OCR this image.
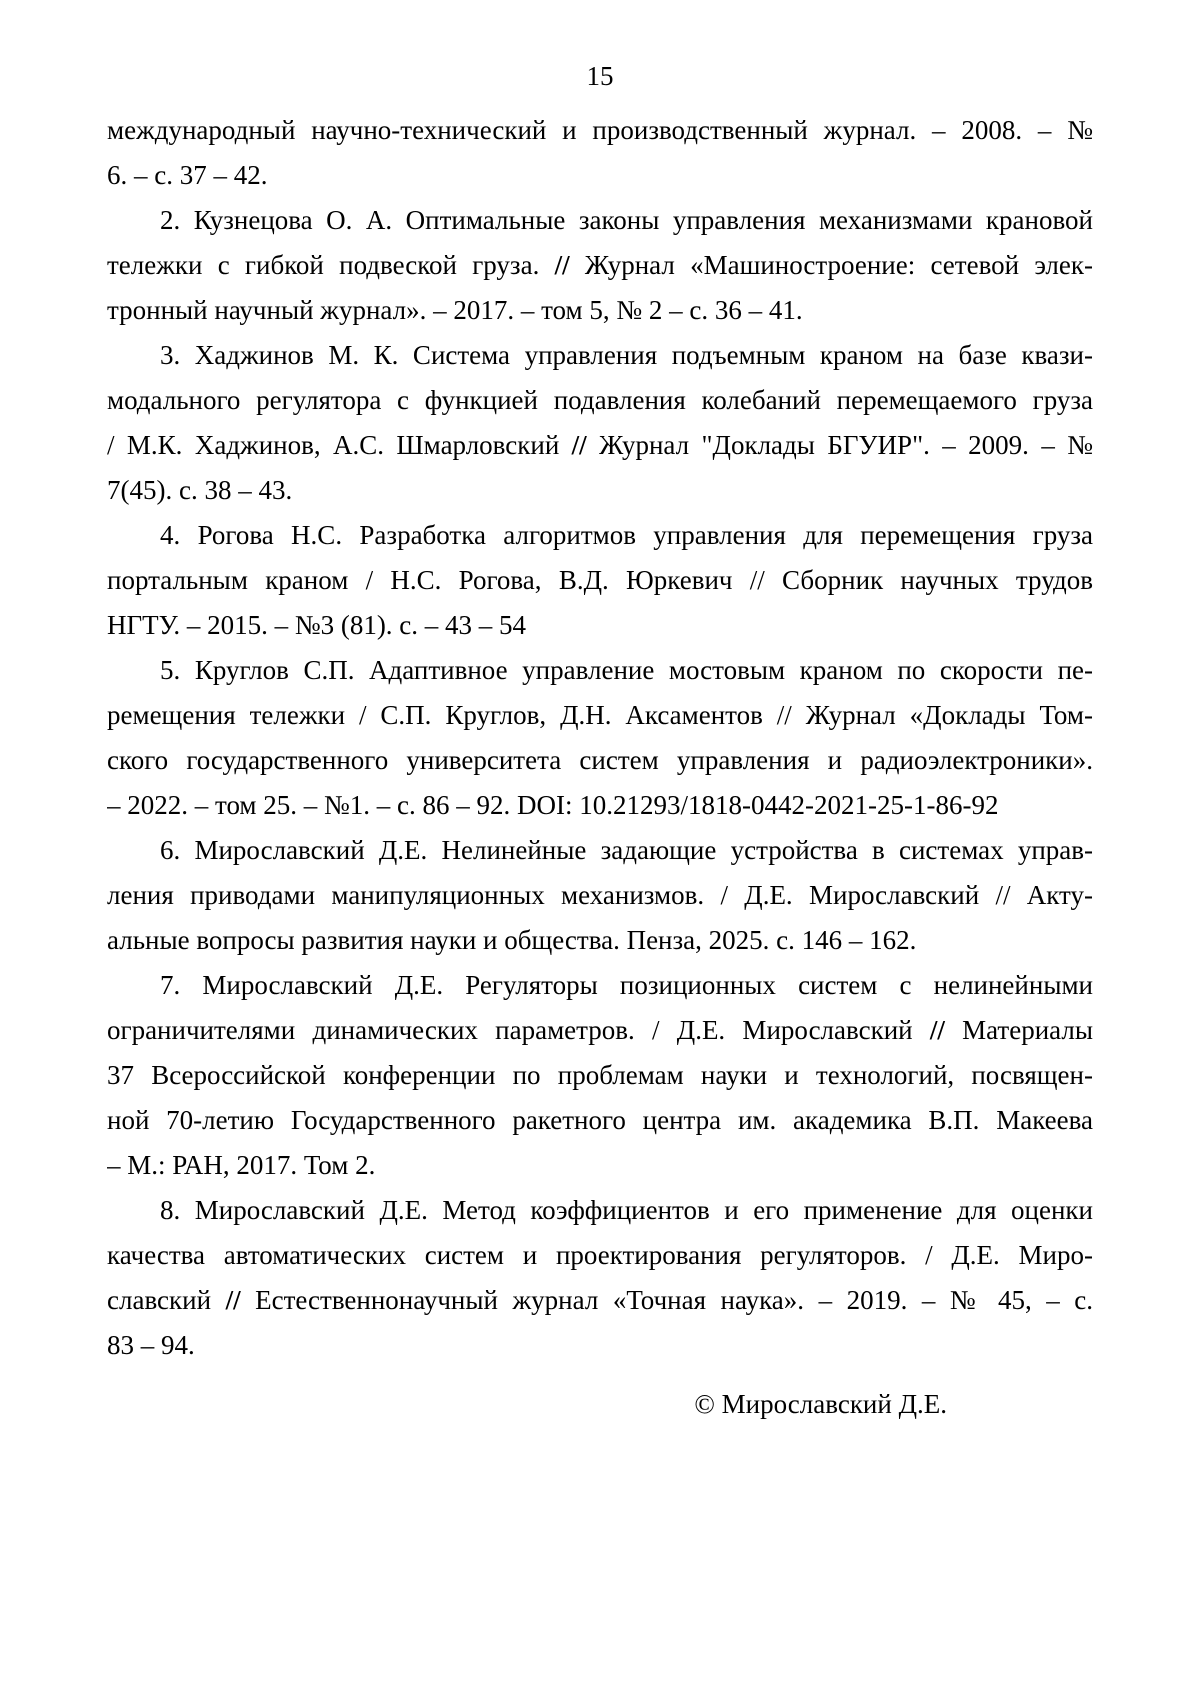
15
международный научно-технический и производственный журнал. – 2008. – №
6. – с. 37 – 42.
2. Кузнецова О. А. Оптимальные законы управления механизмами крановой
тележки с гибкой подвеской груза. // Журнал «Машиностроение: сетевой элек-
тронный научный журнал». – 2017. – том 5, № 2 – с. 36 – 41.
3. Хаджинов М. К. Система управления подъемным краном на базе квази-
модального регулятора с функцией подавления колебаний перемещаемого груза
/ М.К. Хаджинов, А.С. Шмарловский // Журнал "Доклады БГУИР". – 2009. – №
7(45). с. 38 – 43.
4. Рогова Н.С. Разработка алгоритмов управления для перемещения груза
портальным краном / Н.С. Рогова, В.Д. Юркевич // Сборник научных трудов
НГТУ. – 2015. – №3 (81). с. – 43 – 54
5. Круглов С.П. Адаптивное управление мостовым краном по скорости пе-
ремещения тележки / С.П. Круглов, Д.Н. Аксаментов // Журнал «Доклады Том-
ского государственного университета систем управления и радиоэлектроники».
– 2022. – том 25. – №1. – с. 86 – 92. DOI: 10.21293/1818-0442-2021-25-1-86-92
6. Мирославский Д.Е. Нелинейные задающие устройства в системах управ-
ления приводами манипуляционных механизмов. / Д.Е. Мирославский // Акту-
альные вопросы развития науки и общества. Пенза, 2025. с. 146 – 162.
7. Мирославский Д.Е. Регуляторы позиционных систем с нелинейными
ограничителями динамических параметров. / Д.Е. Мирославский // Материалы
37 Всероссийской конференции по проблемам науки и технологий, посвящен-
ной 70-летию Государственного ракетного центра им. академика В.П. Макеева
– М.: РАН, 2017. Том 2.
8. Мирославский Д.Е. Метод коэффициентов и его применение для оценки
качества автоматических систем и проектирования регуляторов. / Д.Е. Миро-
славский // Естественнонаучный журнал «Точная наука». – 2019. – № 45, – с.
83 – 94.
© Мирославский Д.Е.
